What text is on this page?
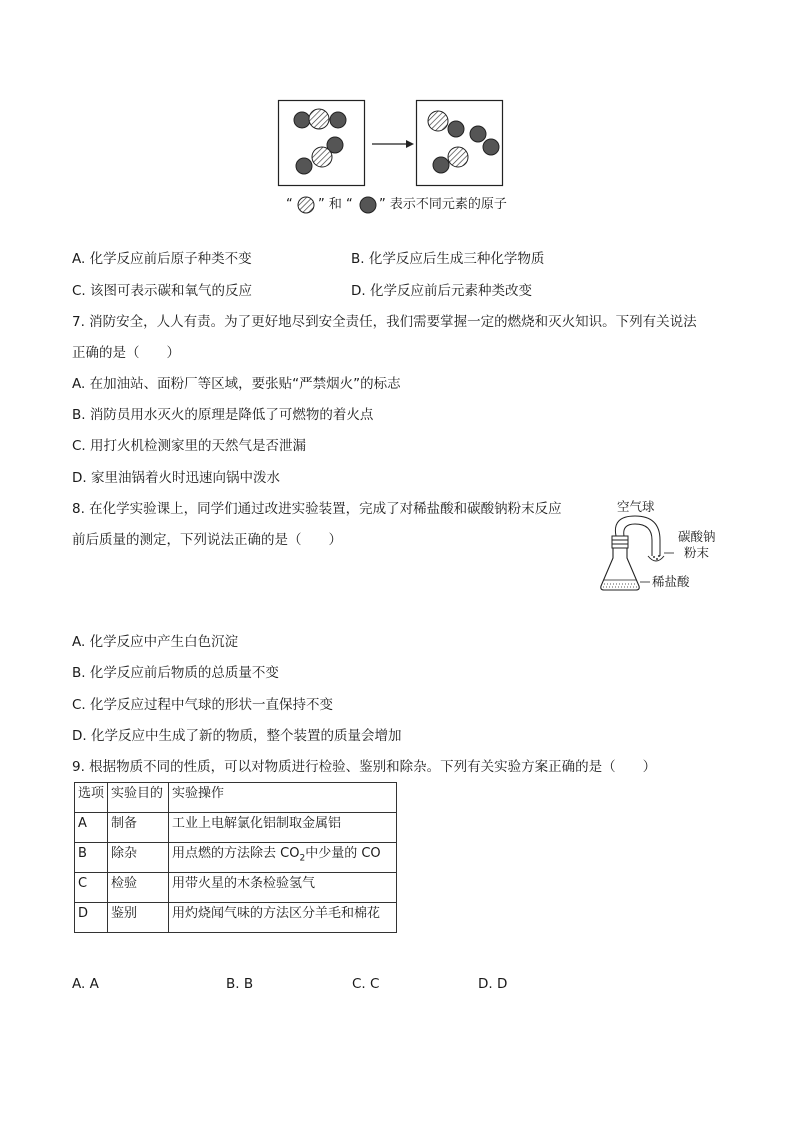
“ ” 和 “ ” 表示不同元素的原子
A. 化学反应前后原子种类不变	B. 化学反应后生成三种化学物质
C. 该图可表示碳和氧气的反应	D. 化学反应前后元素种类改变
7. 消防安全，人人有责。为了更好地尽到安全责任，我们需要掌握一定的燃烧和灭火知识。下列有关说法
正确的是（　　）
A. 在加油站、面粉厂等区域，要张贴“严禁烟火”的标志
B. 消防员用水灭火的原理是降低了可燃物的着火点
C. 用打火机检测家里的天然气是否泄漏
D. 家里油锅着火时迅速向锅中泼水
8. 在化学实验课上，同学们通过改进实验装置，完成了对稀盐酸和碳酸钠粉末反应
前后质量的测定，下列说法正确的是（　　）
空气球
碳酸钠
粉末
稀盐酸
A. 化学反应中产生白色沉淀
B. 化学反应前后物质的总质量不变
C. 化学反应过程中气球的形状一直保持不变
D. 化学反应中生成了新的物质，整个装置的质量会增加
9. 根据物质不同的性质，可以对物质进行检验、鉴别和除杂。下列有关实验方案正确的是（　　）
选项	实验目的	实验操作
A	制备	工业上电解氯化铝制取金属铝
B	除杂	用点燃的方法除去 $CO_2$中少量的 CO
C	检验	用带火星的木条检验氢气
D	鉴别	用灼烧闻气味的方法区分羊毛和棉花
A. A	B. B	C. C	D. D
